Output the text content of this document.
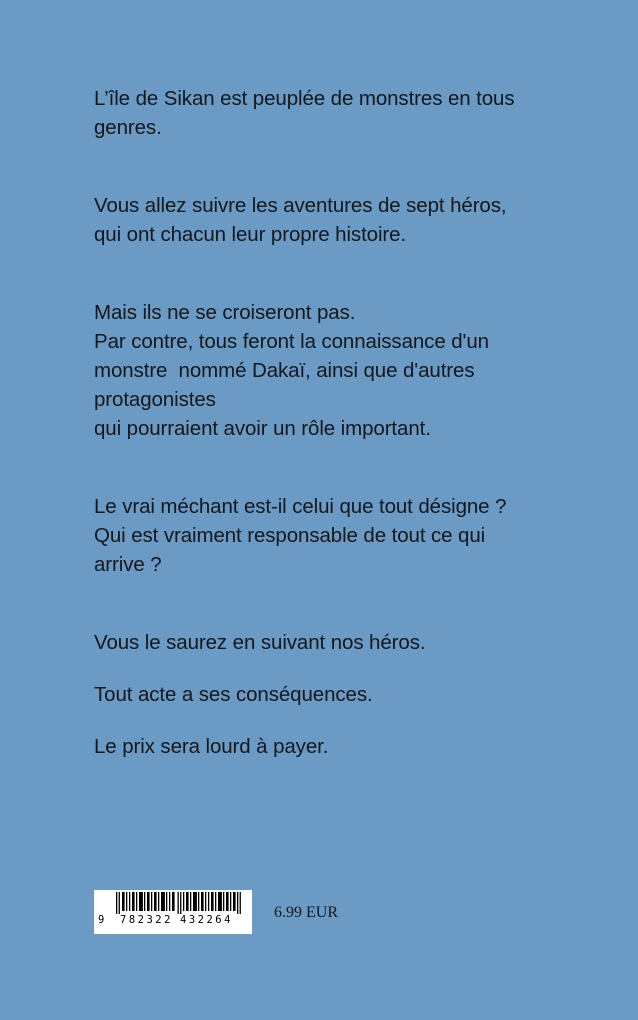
L’île de Sikan est peuplée de monstres en tous
genres.

Vous allez suivre les aventures de sept héros,
qui ont chacun leur propre histoire.

Mais ils ne se croiseront pas.
Par contre, tous feront la connaissance d'un
monstre  nommé Dakaï, ainsi que d'autres
protagonistes
qui pourraient avoir un rôle important.

Le vrai méchant est-il celui que tout désigne ?
Qui est vraiment responsable de tout ce qui
arrive ?

Vous le saurez en suivant nos héros.

Tout acte a ses conséquences.

Le prix sera lourd à payer.

9 782322 432264	6.99 EUR
